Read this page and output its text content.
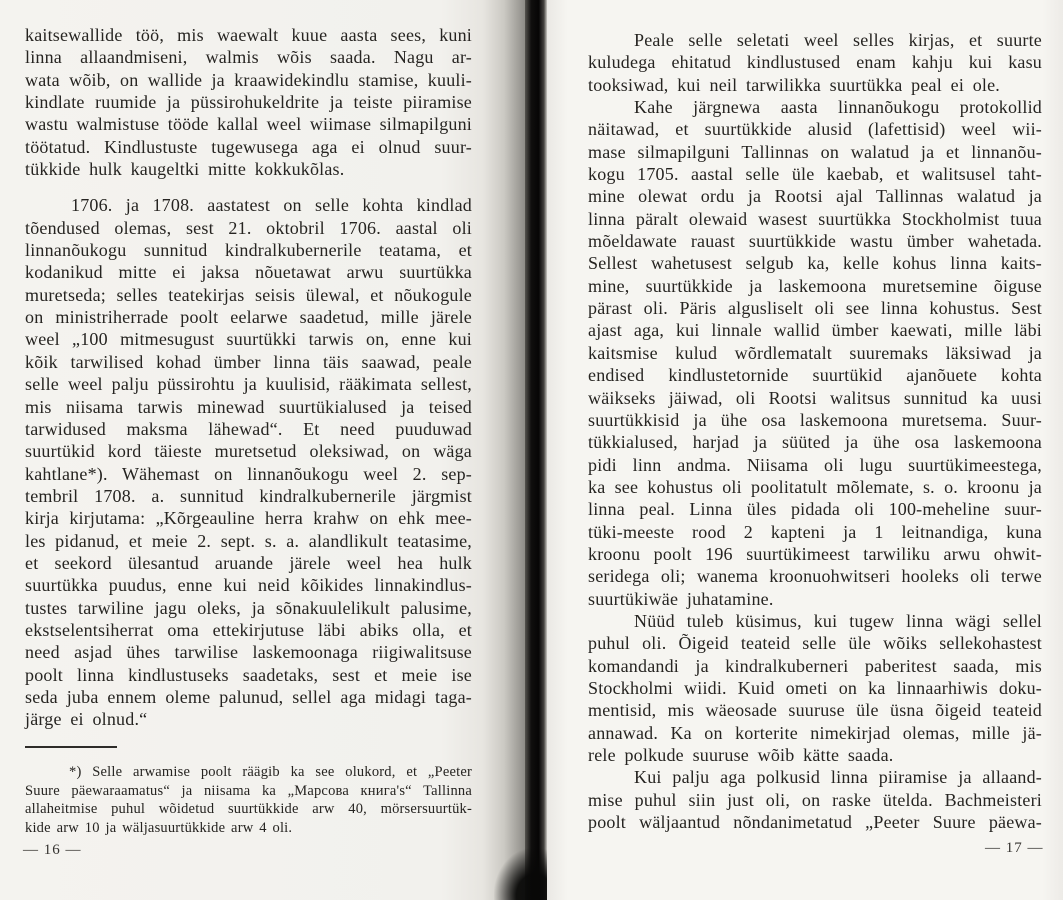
kaitsewallide töö, mis waewalt kuue aasta sees, kuni
linna allaandmiseni, walmis wõis saada. Nagu ar-
wata wõib, on wallide ja kraawidekindlu stamise, kuuli-
kindlate ruumide ja püssirohukeldrite ja teiste piiramise
wastu walmistuse tööde kallal weel wiimase silmapilguni
töötatud. Kindlustuste tugewusega aga ei olnud suur-
tükkide hulk kaugeltki mitte kokkukõlas.
1706. ja 1708. aastatest on selle kohta kindlad
tõendused olemas, sest 21. oktobril 1706. aastal oli
linnanõukogu sunnitud kindralkubernerile teatama, et
kodanikud mitte ei jaksa nõuetawat arwu suurtükka
muretseda; selles teatekirjas seisis ülewal, et nõukogule
on ministriherrade poolt eelarwe saadetud, mille järele
weel „100 mitmesugust suurtükki tarwis on, enne kui
kõik tarwilised kohad ümber linna täis saawad, peale
selle weel palju püssirohtu ja kuulisid, rääkimata sellest,
mis niisama tarwis minewad suurtükialused ja teised
tarwidused maksma lähewad“. Et need puuduwad
suurtükid kord täieste muretsetud oleksiwad, on wäga
kahtlane*). Wähemast on linnanõukogu weel 2. sep-
tembril 1708. a. sunnitud kindralkubernerile järgmist
kirja kirjutama: „Kõrgeauline herra krahw on ehk mee-
les pidanud, et meie 2. sept. s. a. alandlikult teatasime,
et seekord ülesantud aruande järele weel hea hulk
suurtükka puudus, enne kui neid kõikides linnakindlus-
tustes tarwiline jagu oleks, ja sõnakuulelikult palusime,
ekstselentsiherrat oma ettekirjutuse läbi abiks olla, et
need asjad ühes tarwilise laskemoonaga riigiwalitsuse
poolt linna kindlustuseks saadetaks, sest et meie ise
seda juba ennem oleme palunud, sellel aga midagi taga-
järge ei olnud.“
*) Selle arwamise poolt räägib ka see olukord, et „Peeter
Suure päewaraamatus“ ja niisama ka „Марсова книга's“ Tallinna
allaheitmise puhul wõidetud suurtükkide arw 40, mörsersuurtük-
kide arw 10 ja wäljasuurtükkide arw 4 oli.
— 16 —
Peale selle seletati weel selles kirjas, et suurte
kuludega ehitatud kindlustused enam kahju kui kasu
tooksiwad, kui neil tarwilikka suurtükka peal ei ole.
Kahe järgnewa aasta linnanõukogu protokollid
näitawad, et suurtükkide alusid (lafettisid) weel wii-
mase silmapilguni Tallinnas on walatud ja et linnanõu-
kogu 1705. aastal selle üle kaebab, et walitsusel taht-
mine olewat ordu ja Rootsi ajal Tallinnas walatud ja
linna päralt olewaid wasest suurtükka Stockholmist tuua
mõeldawate rauast suurtükkide wastu ümber wahetada.
Sellest wahetusest selgub ka, kelle kohus linna kaits-
mine, suurtükkide ja laskemoona muretsemine õiguse
pärast oli. Päris algusliselt oli see linna kohustus. Sest
ajast aga, kui linnale wallid ümber kaewati, mille läbi
kaitsmise kulud wõrdlematalt suuremaks läksiwad ja
endised kindlustetornide suurtükid ajanõuete kohta
wäikseks jäiwad, oli Rootsi walitsus sunnitud ka uusi
suurtükkisid ja ühe osa laskemoona muretsema. Suur-
tükkialused, harjad ja süüted ja ühe osa laskemoona
pidi linn andma. Niisama oli lugu suurtükimeestega,
ka see kohustus oli poolitatult mõlemate, s. o. kroonu ja
linna peal. Linna üles pidada oli 100-meheline suur-
tüki-meeste rood 2 kapteni ja 1 leitnandiga, kuna
kroonu poolt 196 suurtükimeest tarwiliku arwu ohwit-
seridega oli; wanema kroonuohwitseri hooleks oli terwe
suurtükiwäe juhatamine.
Nüüd tuleb küsimus, kui tugew linna wägi sellel
puhul oli. Õigeid teateid selle üle wõiks sellekohastest
komandandi ja kindralkuberneri paberitest saada, mis
Stockholmi wiidi. Kuid ometi on ka linnaarhiwis doku-
mentisid, mis wäeosade suuruse üle üsna õigeid teateid
annawad. Ka on korterite nimekirjad olemas, mille jä-
rele polkude suuruse wõib kätte saada.
Kui palju aga polkusid linna piiramise ja allaand-
mise puhul siin just oli, on raske ütelda. Bachmeisteri
poolt wäljaantud nõndanimetatud „Peeter Suure päewa-
— 17 —
